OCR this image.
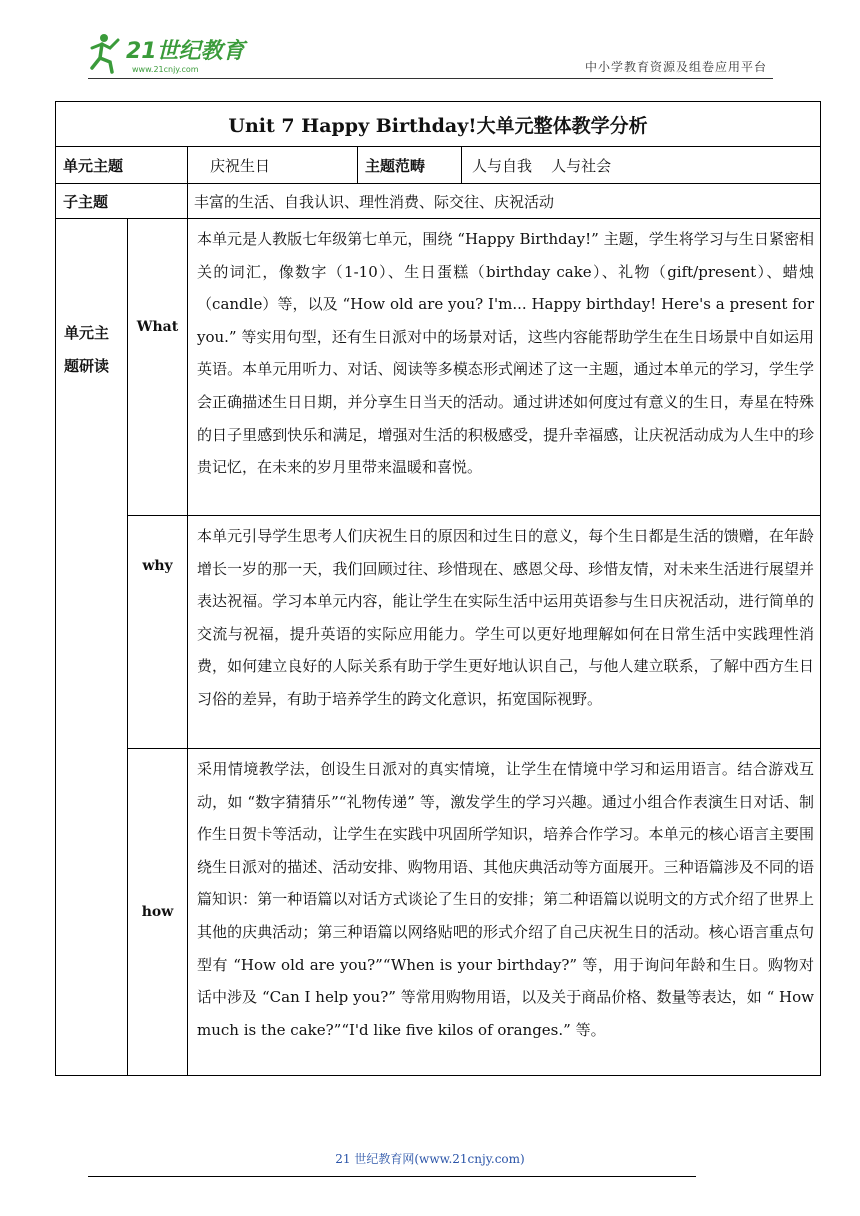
21世纪教育
www.21cnjy.com	中小学教育资源及组卷应用平台
Unit 7 Happy Birthday!大单元整体教学分析				
单元主题		庆祝生日	主题范畴	人与自我    人与社会
子主题		丰富的生活、自我认识、理性消费、际交往、庆祝活动		
单元主题研读	What	本单元是人教版七年级第七单元，围绕 “Happy Birthday!” 主题，学生将学习与生日紧密相关的词汇，像数字（1-10）、生日蛋糕（birthday cake）、礼物（gift/present）、蜡烛（candle）等，以及 “How old are you? I'm... Happy birthday! Here's a present for you.” 等实用句型，还有生日派对中的场景对话，这些内容能帮助学生在生日场景中自如运用英语。本单元用听力、对话、阅读等多模态形式阐述了这一主题，通过本单元的学习，学生学会正确描述生日日期，并分享生日当天的活动。通过讲述如何度过有意义的生日，寿星在特殊的日子里感到快乐和满足，增强对生活的积极感受，提升幸福感，让庆祝活动成为人生中的珍贵记忆，在未来的岁月里带来温暖和喜悦。		
	why	本单元引导学生思考人们庆祝生日的原因和过生日的意义，每个生日都是生活的馈赠，在年龄增长一岁的那一天，我们回顾过往、珍惜现在、感恩父母、珍惜友情，对未来生活进行展望并表达祝福。学习本单元内容，能让学生在实际生活中运用英语参与生日庆祝活动，进行简单的交流与祝福，提升英语的实际应用能力。学生可以更好地理解如何在日常生活中实践理性消费，如何建立良好的人际关系有助于学生更好地认识自己，与他人建立联系，了解中西方生日习俗的差异，有助于培养学生的跨文化意识，拓宽国际视野。		
	how	采用情境教学法，创设生日派对的真实情境，让学生在情境中学习和运用语言。结合游戏互动，如 “数字猜猜乐”“礼物传递” 等，激发学生的学习兴趣。通过小组合作表演生日对话、制作生日贺卡等活动，让学生在实践中巩固所学知识，培养合作学习。本单元的核心语言主要围绕生日派对的描述、活动安排、购物用语、其他庆典活动等方面展开。三种语篇涉及不同的语篇知识：第一种语篇以对话方式谈论了生日的安排；第二种语篇以说明文的方式介绍了世界上其他的庆典活动；第三种语篇以网络贴吧的形式介绍了自己庆祝生日的活动。核心语言重点句型有 “How old are you?”“When is your birthday?” 等，用于询问年龄和生日。购物对话中涉及 “Can I help you?” 等常用购物用语，以及关于商品价格、数量等表达，如 “ How much is the cake?”“I'd like five kilos of oranges.” 等。		
21 世纪教育网(www.21cnjy.com)
